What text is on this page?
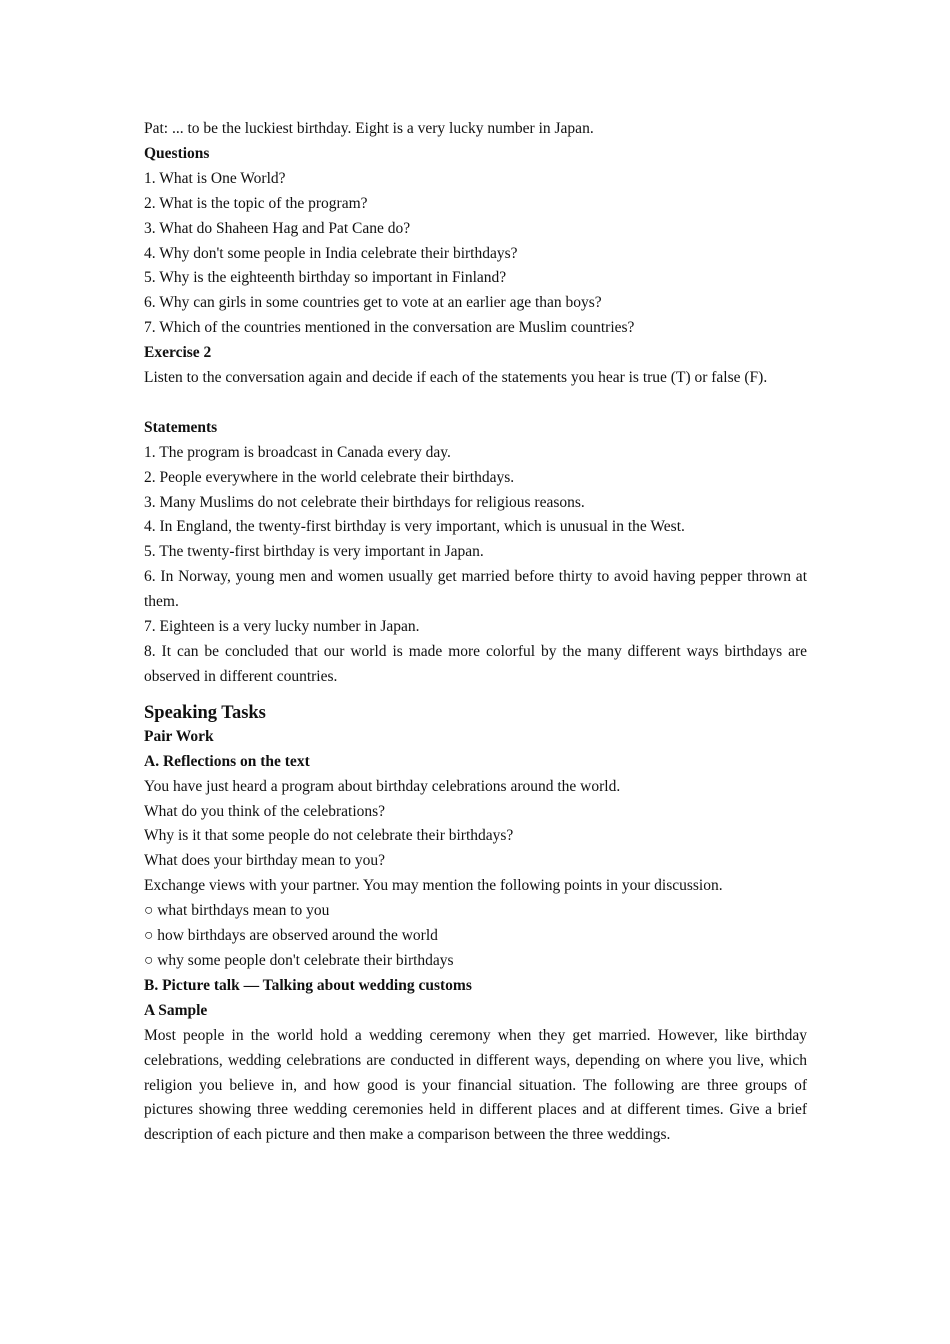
Pat: ... to be the luckiest birthday. Eight is a very lucky number in Japan.

Questions

1. What is One World?

2. What is the topic of the program?

3. What do Shaheen Hag and Pat Cane do?

4. Why don't some people in India celebrate their birthdays?

5. Why is the eighteenth birthday so important in Finland?

6. Why can girls in some countries get to vote at an earlier age than boys?

7. Which of the countries mentioned in the conversation are Muslim countries?

Exercise 2

Listen to the conversation again and decide if each of the statements you hear is true (T) or false (F).

Statements

1. The program is broadcast in Canada every day.

2. People everywhere in the world celebrate their birthdays.

3. Many Muslims do not celebrate their birthdays for religious reasons.

4. In England, the twenty-first birthday is very important, which is unusual in the West.

5. The twenty-first birthday is very important in Japan.

6. In Norway, young men and women usually get married before thirty to avoid having pepper thrown at them.

7. Eighteen is a very lucky number in Japan.

8. It can be concluded that our world is made more colorful by the many different ways birthdays are observed in different countries.

Speaking Tasks

Pair Work

A. Reflections on the text

You have just heard a program about birthday celebrations around the world.

What do you think of the celebrations?

Why is it that some people do not celebrate their birthdays?

What does your birthday mean to you?

Exchange views with your partner. You may mention the following points in your discussion.

○ what birthdays mean to you

○ how birthdays are observed around the world

○ why some people don't celebrate their birthdays

B. Picture talk — Talking about wedding customs

A Sample

Most people in the world hold a wedding ceremony when they get married. However, like birthday celebrations, wedding celebrations are conducted in different ways, depending on where you live, which religion you believe in, and how good is your financial situation. The following are three groups of pictures showing three wedding ceremonies held in different places and at different times. Give a brief description of each picture and then make a comparison between the three weddings.
